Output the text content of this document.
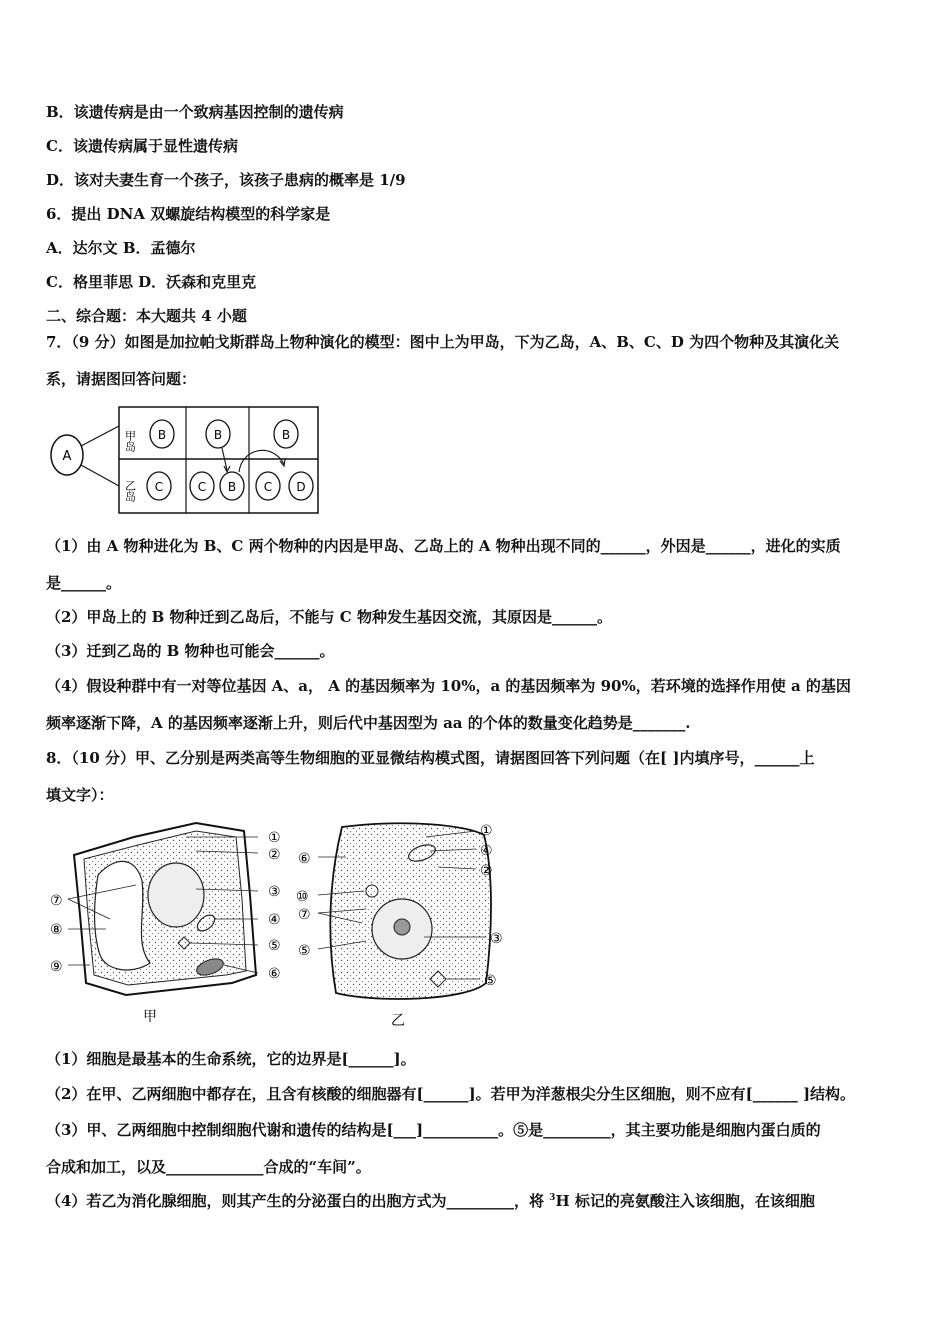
B．该遗传病是由一个致病基因控制的遗传病
C．该遗传病属于显性遗传病
D．该对夫妻生育一个孩子，该孩子患病的概率是 1/9
6．提出 DNA 双螺旋结构模型的科学家是
A．达尔文 B．孟德尔
C．格里菲思 D．沃森和克里克
二、综合题：本大题共 4 小题
7．（9 分）如图是加拉帕戈斯群岛上物种演化的模型：图中上为甲岛，下为乙岛，A、B、C、D 为四个物种及其演化关
系，请据图回答问题：
A
甲岛
乙岛
B	B	B
C	C B C D
（1）由 A 物种进化为 B、C 两个物种的内因是甲岛、乙岛上的 A 物种出现不同的______，外因是______，进化的实质
是______。
（2）甲岛上的 B 物种迁到乙岛后，不能与 C 物种发生基因交流，其原因是______。
（3）迁到乙岛的 B 物种也可能会______。
（4）假设种群中有一对等位基因 A、a， A 的基因频率为 10%，a 的基因频率为 90%，若环境的选择作用使 a 的基因
频率逐渐下降，A 的基因频率逐渐上升，则后代中基因型为 aa 的个体的数量变化趋势是_______.
8．（10 分）甲、乙分别是两类高等生物细胞的亚显微结构模式图，请据图回答下列问题（在[ ]内填序号，______上
填文字）：
①
②
③
④
⑤
⑥
⑦
⑧
⑨
甲
①
④
②
③
⑤
⑥
⑩
⑦
⑤
乙
（1）细胞是最基本的生命系统，它的边界是[______]。
（2）在甲、乙两细胞中都存在，且含有核酸的细胞器有[______]。若甲为洋葱根尖分生区细胞，则不应有[______ ]结构。
（3）甲、乙两细胞中控制细胞代谢和遗传的结构是[___]__________。⑤是_________，其主要功能是细胞内蛋白质的
合成和加工，以及_____________合成的“车间”。
（4）若乙为消化腺细胞，则其产生的分泌蛋白的出胞方式为_________，将 $^3$H 标记的亮氨酸注入该细胞，在该细胞
